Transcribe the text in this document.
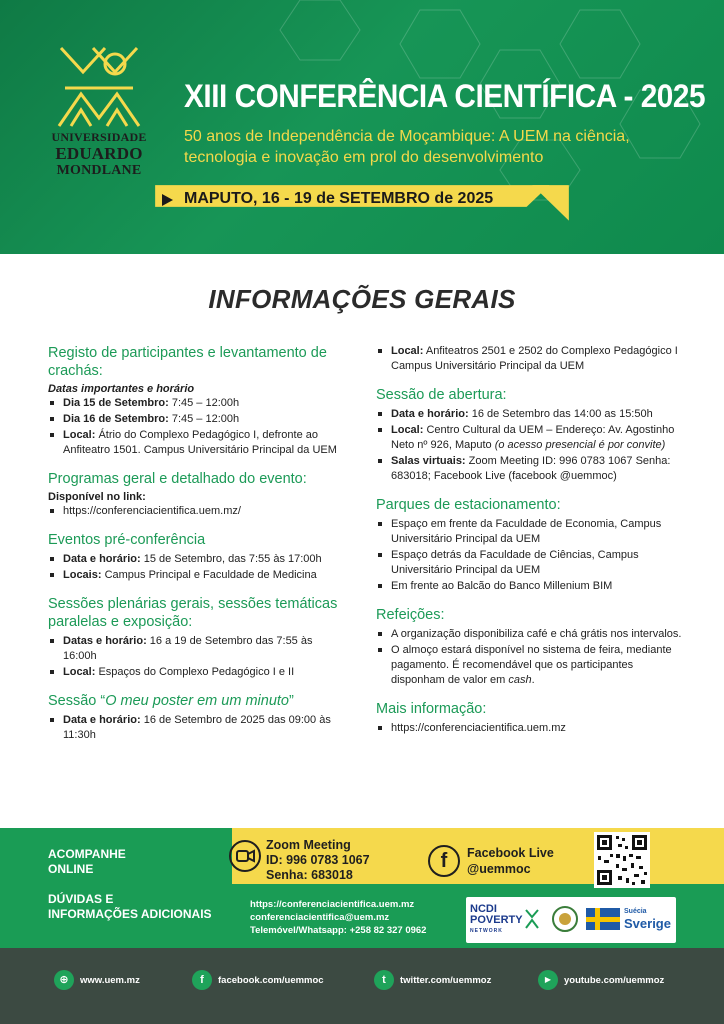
UNIVERSIDADE
EDUARDO
MONDLANE
XIII CONFERÊNCIA CIENTÍFICA - 2025
50 anos de Independência de Moçambique: A UEM na ciência, tecnologia e inovação em prol do desenvolvimento
MAPUTO, 16 - 19 de SETEMBRO de 2025
INFORMAÇÕES GERAIS
Registo de participantes e levantamento de crachás:
Datas importantes e horário
Dia 15 de Setembro: 7:45 – 12:00h
Dia 16 de Setembro: 7:45 – 12:00h
Local: Átrio do Complexo Pedagógico I, defronte ao Anfiteatro 1501. Campus Universitário Principal da UEM
Programas geral e detalhado do evento:
Disponível no link:
https://conferenciacientifica.uem.mz/
Eventos pré-conferência
Data e horário: 15 de Setembro, das 7:55 às 17:00h
Locais: Campus Principal e Faculdade de Medicina
Sessões plenárias gerais, sessões temáticas paralelas e exposição:
Datas e horário: 16 a 19 de Setembro das 7:55 às 16:00h
Local: Espaços do Complexo Pedagógico I e II
Sessão “O meu poster em um minuto”
Data e horário: 16 de Setembro de 2025 das 09:00 às 11:30h
Local: Anfiteatros 2501 e 2502 do Complexo Pedagógico I Campus Universitário Principal da UEM
Sessão de abertura:
Data e horário: 16 de Setembro das 14:00 as 15:50h
Local: Centro Cultural da UEM – Endereço: Av. Agostinho Neto nº 926, Maputo (o acesso presencial é por convite)
Salas virtuais: Zoom Meeting ID: 996 0783 1067 Senha: 683018; Facebook Live (facebook @uemmoc)
Parques de estacionamento:
Espaço em frente da Faculdade de Economia, Campus Universitário Principal da UEM
Espaço detrás da Faculdade de Ciências, Campus Universitário Principal da UEM
Em frente ao Balcão do Banco Millenium BIM
Refeições:
A organização disponibiliza café e chá grátis nos intervalos.
O almoço estará disponível no sistema de feira, mediante pagamento. É recomendável que os participantes disponham de valor em cash.
Mais informação:
https://conferenciacientifica.uem.mz
ACOMPANHE
ONLINE
DÚVIDAS E
INFORMAÇÕES ADICIONAIS
Zoom Meeting
ID: 996 0783 1067
Senha: 683018
f	Facebook Live
@uemmoc
https://conferenciacientifica.uem.mz
conferenciacientifica@uem.mz
Telemóvel/Whatsapp: +258 82 327 0962
NCDI
POVERTY
NETWORK
Suécia
Sverige
⊕	www.uem.mz	f	facebook.com/uemmoc	t	twitter.com/uemmoz	▶	youtube.com/uemmoz
